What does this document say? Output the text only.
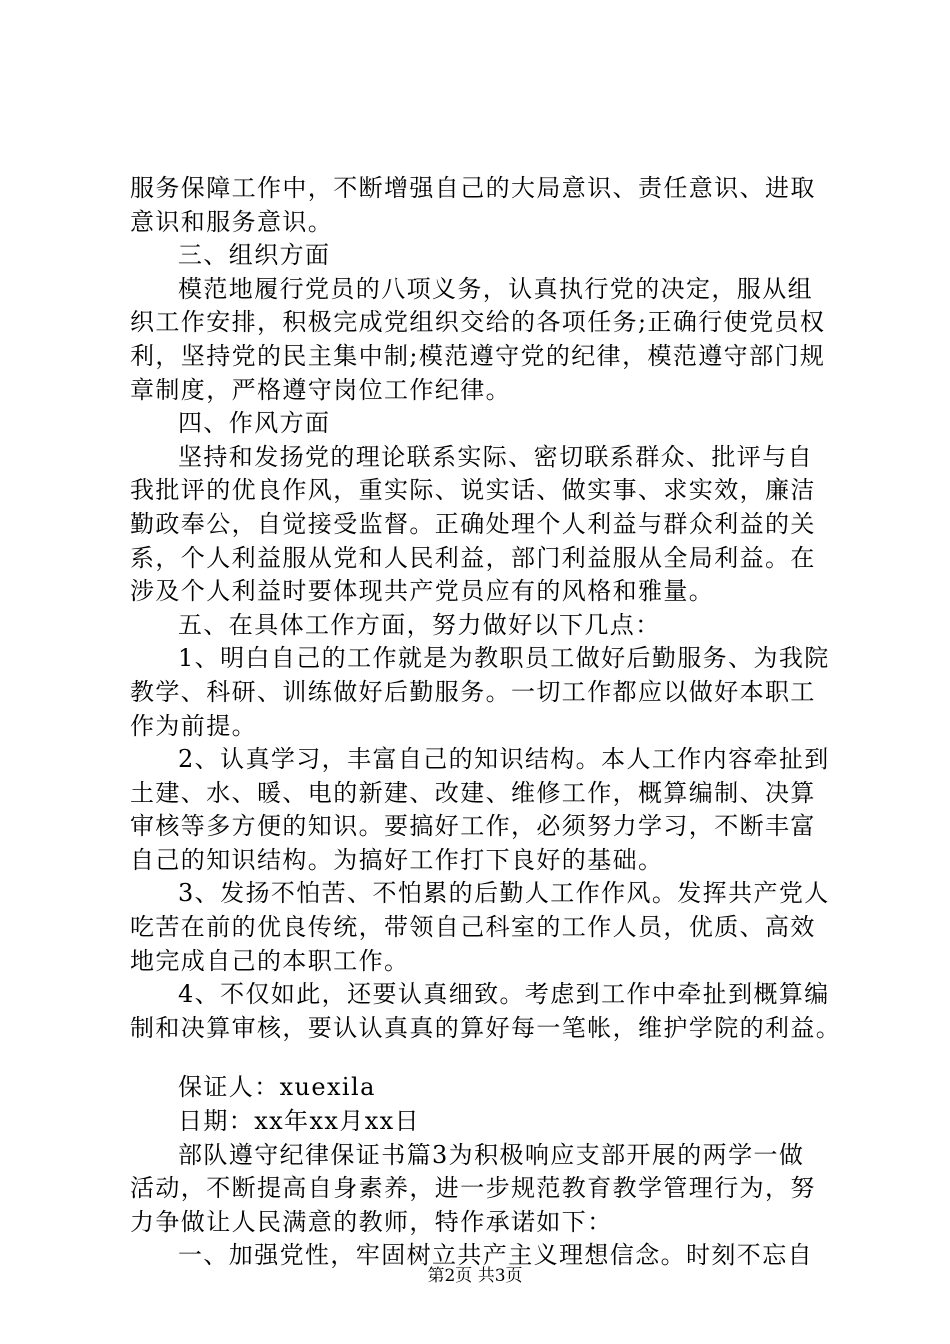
服务保障工作中，不断增强自己的大局意识、责任意识、进取
意识和服务意识。
三、组织方面
模范地履行党员的八项义务，认真执行党的决定，服从组
织工作安排，积极完成党组织交给的各项任务;正确行使党员权
利，坚持党的民主集中制;模范遵守党的纪律，模范遵守部门规
章制度，严格遵守岗位工作纪律。
四、作风方面
坚持和发扬党的理论联系实际、密切联系群众、批评与自
我批评的优良作风，重实际、说实话、做实事、求实效，廉洁
勤政奉公，自觉接受监督。正确处理个人利益与群众利益的关
系，个人利益服从党和人民利益，部门利益服从全局利益。在
涉及个人利益时要体现共产党员应有的风格和雅量。
五、在具体工作方面，努力做好以下几点：
1、明白自己的工作就是为教职员工做好后勤服务、为我院
教学、科研、训练做好后勤服务。一切工作都应以做好本职工
作为前提。
2、认真学习，丰富自己的知识结构。本人工作内容牵扯到
土建、水、暖、电的新建、改建、维修工作，概算编制、决算
审核等多方便的知识。要搞好工作，必须努力学习，不断丰富
自己的知识结构。为搞好工作打下良好的基础。
3、发扬不怕苦、不怕累的后勤人工作作风。发挥共产党人
吃苦在前的优良传统，带领自己科室的工作人员，优质、高效
地完成自己的本职工作。
4、不仅如此，还要认真细致。考虑到工作中牵扯到概算编
制和决算审核，要认认真真的算好每一笔帐，维护学院的利益。
保证人：xuexila
日期：xx年xx月xx日
部队遵守纪律保证书篇3为积极响应支部开展的两学一做
活动，不断提高自身素养，进一步规范教育教学管理行为，努
力争做让人民满意的教师，特作承诺如下：
一、加强党性，牢固树立共产主义理想信念。时刻不忘自
第2页 共3页
